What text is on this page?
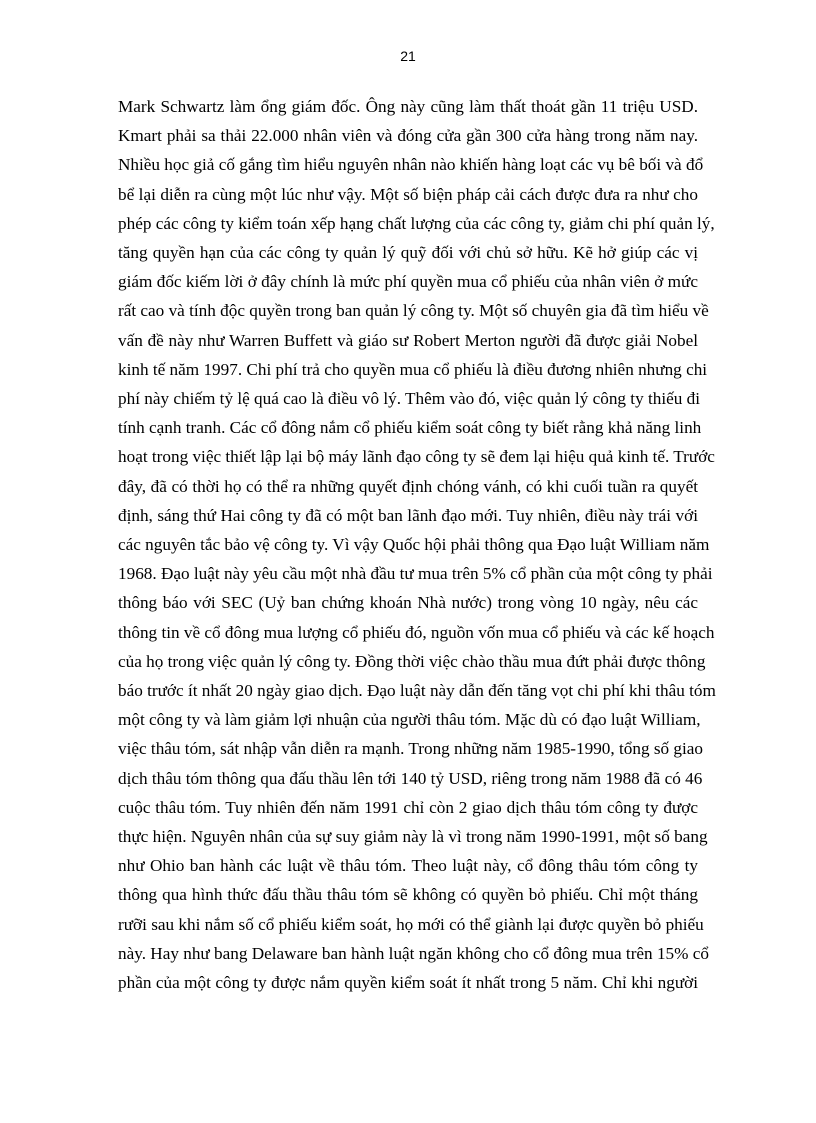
21
Mark Schwartz làm ổng giám đốc. Ông này cũng làm thất thoát gần 11 triệu USD.
Kmart phải sa thải 22.000 nhân viên và đóng cửa gần 300 cửa hàng trong năm nay.
Nhiều học giả cố gắng tìm hiểu nguyên nhân nào khiến hàng loạt các vụ bê bối và đổ
bể lại diễn ra cùng một lúc như vậy. Một số biện pháp cải cách được đưa ra như cho
phép các công ty kiểm toán xếp hạng chất lượng của các công ty, giảm chi phí quản lý,
tăng quyền hạn của các công ty quản lý quỹ đối với chủ sở hữu. Kẽ hở giúp các vị
giám đốc kiếm lời ở đây chính là mức phí quyền mua cổ phiếu của nhân viên ở mức
rất cao và tính độc quyền trong ban quản lý công ty. Một số chuyên gia đã tìm hiểu về
vấn đề này như Warren Buffett và giáo sư Robert Merton người đã được giải Nobel
kinh tế năm 1997. Chi phí trả cho quyền mua cổ phiếu là điều đương nhiên nhưng chi
phí này chiếm tỷ lệ quá cao là điều vô lý. Thêm vào đó, việc quản lý công ty thiếu đi
tính cạnh tranh. Các cổ đông nắm cổ phiếu kiểm soát công ty biết rằng khả năng linh
hoạt trong việc thiết lập lại bộ máy lãnh đạo công ty sẽ đem lại hiệu quả kinh tế. Trước
đây, đã có thời họ có thể ra những quyết định chóng vánh, có khi cuối tuần ra quyết
định, sáng thứ Hai công ty đã có một ban lãnh đạo mới. Tuy nhiên, điều này trái với
các nguyên tắc bảo vệ công ty. Vì vậy Quốc hội phải thông qua Đạo luật William năm
1968. Đạo luật này yêu cầu một nhà đầu tư mua trên 5% cổ phần của một công ty phải
thông báo với SEC (Uỷ ban chứng khoán Nhà nước) trong vòng 10 ngày, nêu các
thông tin về cổ đông mua lượng cổ phiếu đó, nguồn vốn mua cổ phiếu và các kế hoạch
của họ trong việc quản lý công ty. Đồng thời việc chào thầu mua đứt phải được thông
báo trước ít nhất 20 ngày giao dịch. Đạo luật này dẫn đến tăng vọt chi phí khi thâu tóm
một công ty và làm giảm lợi nhuận của người thâu tóm. Mặc dù có đạo luật William,
việc thâu tóm, sát nhập vẫn diễn ra mạnh. Trong những năm 1985-1990, tổng số giao
dịch thâu tóm thông qua đấu thầu lên tới 140 tỷ USD, riêng trong năm 1988 đã có 46
cuộc thâu tóm. Tuy nhiên đến năm 1991 chỉ còn 2 giao dịch thâu tóm công ty được
thực hiện. Nguyên nhân của sự suy giảm này là vì trong năm 1990-1991, một số bang
như Ohio ban hành các luật về thâu tóm. Theo luật này, cổ đông thâu tóm công ty
thông qua hình thức đấu thầu thâu tóm sẽ không có quyền bỏ phiếu. Chỉ một tháng
rưỡi sau khi nắm số cổ phiếu kiểm soát, họ mới có thể giành lại được quyền bỏ phiếu
này. Hay như bang Delaware ban hành luật ngăn không cho cổ đông mua trên 15% cổ
phần của một công ty được nắm quyền kiểm soát ít nhất trong 5 năm. Chỉ khi người
